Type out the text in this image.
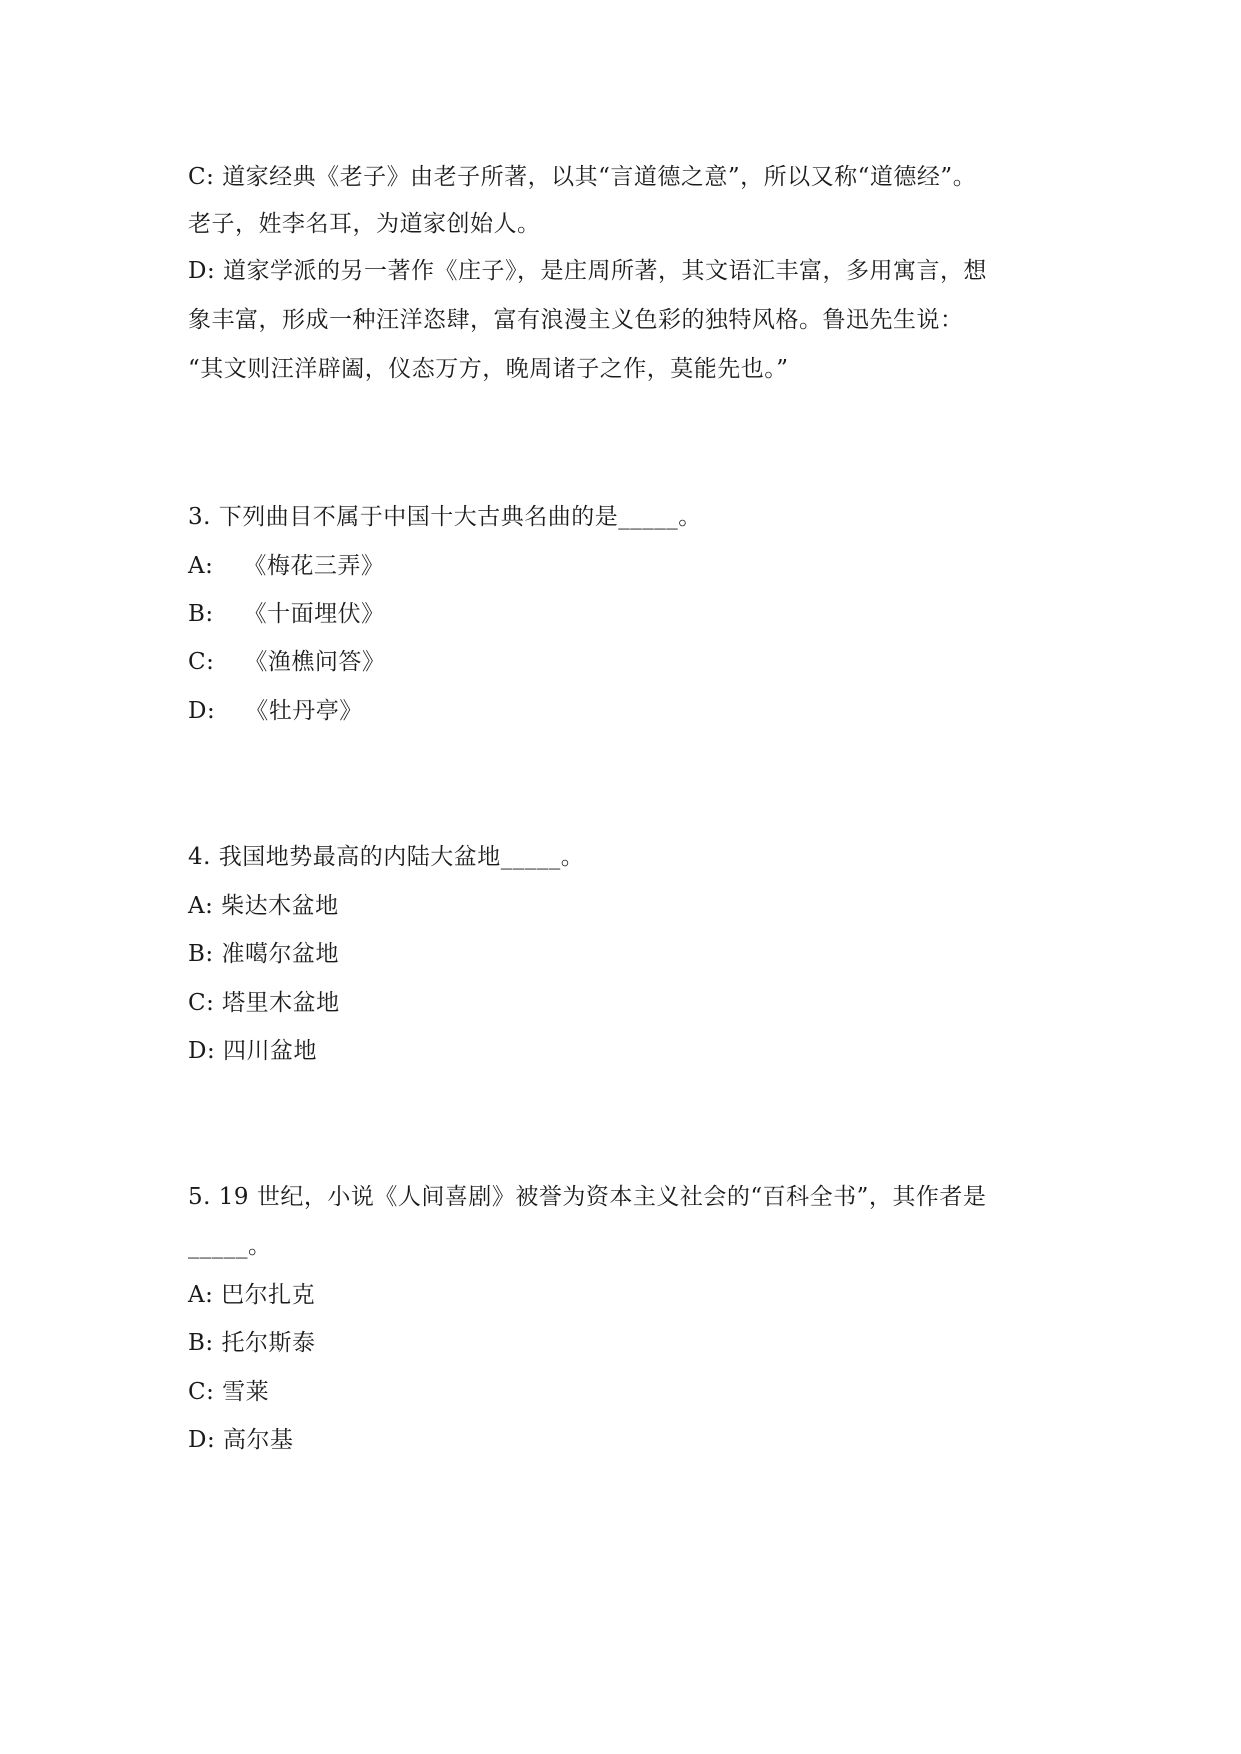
C: 道家经典《老子》由老子所著，以其“言道德之意”，所以又称“道德经”。
老子，姓李名耳，为道家创始人。
D: 道家学派的另一著作《庄子》，是庄周所著，其文语汇丰富，多用寓言，想
象丰富，形成一种汪洋恣肆，富有浪漫主义色彩的独特风格。鲁迅先生说：
“其文则汪洋辟阖，仪态万方，晚周诸子之作，莫能先也。”
3. 下列曲目不属于中国十大古典名曲的是_____。
A: 《梅花三弄》
B: 《十面埋伏》
C: 《渔樵问答》
D: 《牡丹亭》
4. 我国地势最高的内陆大盆地_____。
A: 柴达木盆地
B: 准噶尔盆地
C: 塔里木盆地
D: 四川盆地
5. 19 世纪，小说《人间喜剧》被誉为资本主义社会的“百科全书”，其作者是
_____。
A: 巴尔扎克
B: 托尔斯泰
C: 雪莱
D: 高尔基
